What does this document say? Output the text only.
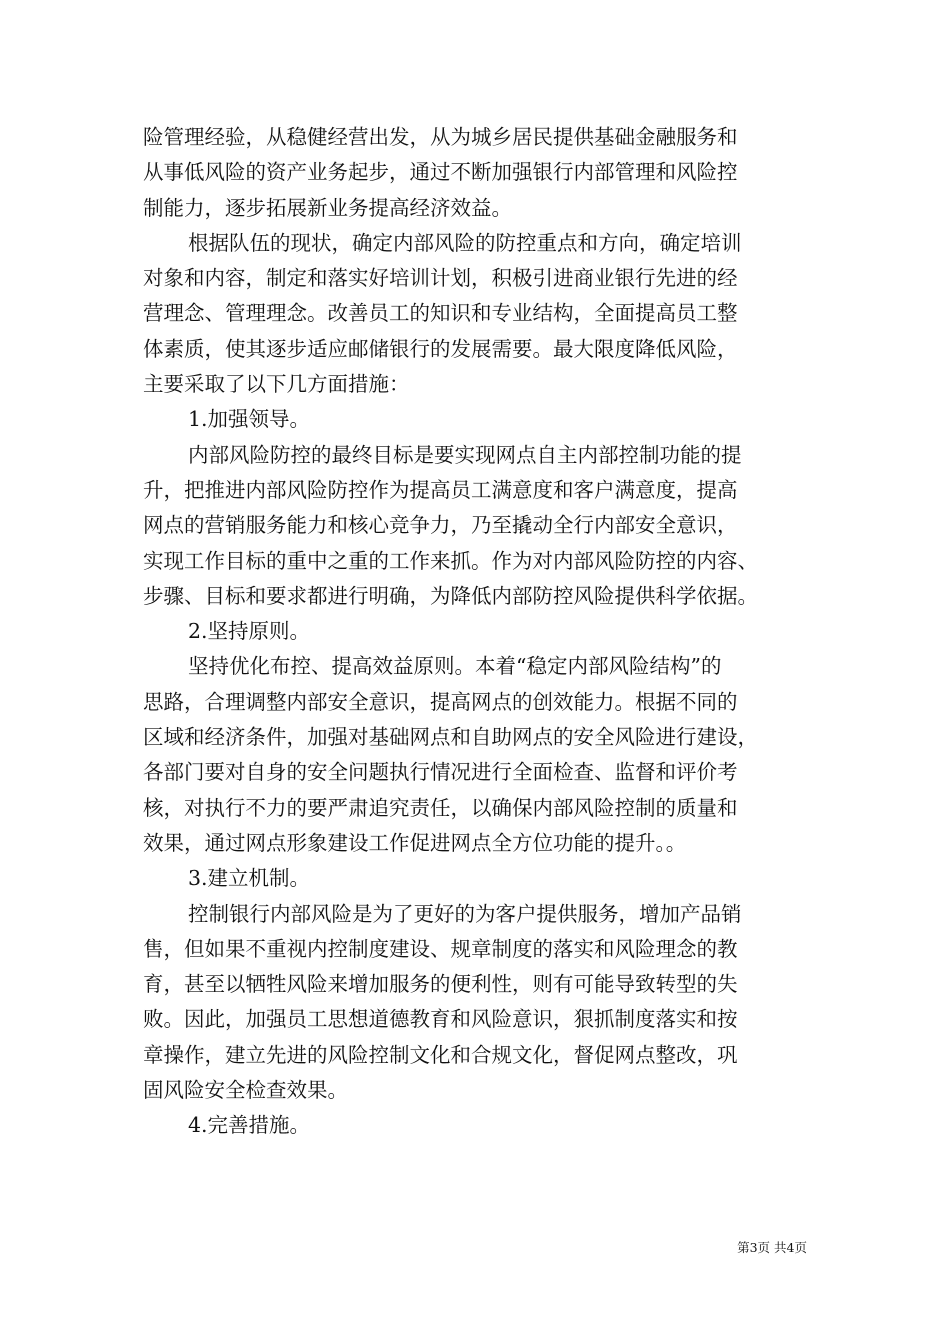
险管理经验，从稳健经营出发，从为城乡居民提供基础金融服务和
从事低风险的资产业务起步，通过不断加强银行内部管理和风险控
制能力，逐步拓展新业务提高经济效益。
根据队伍的现状，确定内部风险的防控重点和方向，确定培训
对象和内容，制定和落实好培训计划，积极引进商业银行先进的经
营理念、管理理念。改善员工的知识和专业结构，全面提高员工整
体素质，使其逐步适应邮储银行的发展需要。最大限度降低风险，
主要采取了以下几方面措施：
1.加强领导。
内部风险防控的最终目标是要实现网点自主内部控制功能的提
升，把推进内部风险防控作为提高员工满意度和客户满意度，提高
网点的营销服务能力和核心竞争力，乃至撬动全行内部安全意识，
实现工作目标的重中之重的工作来抓。作为对内部风险防控的内容、
步骤、目标和要求都进行明确，为降低内部防控风险提供科学依据。
2.坚持原则。
坚持优化布控、提高效益原则。本着“稳定内部风险结构”的
思路，合理调整内部安全意识，提高网点的创效能力。根据不同的
区域和经济条件，加强对基础网点和自助网点的安全风险进行建设，
各部门要对自身的安全问题执行情况进行全面检查、监督和评价考
核，对执行不力的要严肃追究责任，以确保内部风险控制的质量和
效果，通过网点形象建设工作促进网点全方位功能的提升。。
3.建立机制。
控制银行内部风险是为了更好的为客户提供服务，增加产品销
售，但如果不重视内控制度建设、规章制度的落实和风险理念的教
育，甚至以牺牲风险来增加服务的便利性，则有可能导致转型的失
败。因此，加强员工思想道德教育和风险意识，狠抓制度落实和按
章操作，建立先进的风险控制文化和合规文化，督促网点整改，巩
固风险安全检查效果。
4.完善措施。
第3页 共4页
